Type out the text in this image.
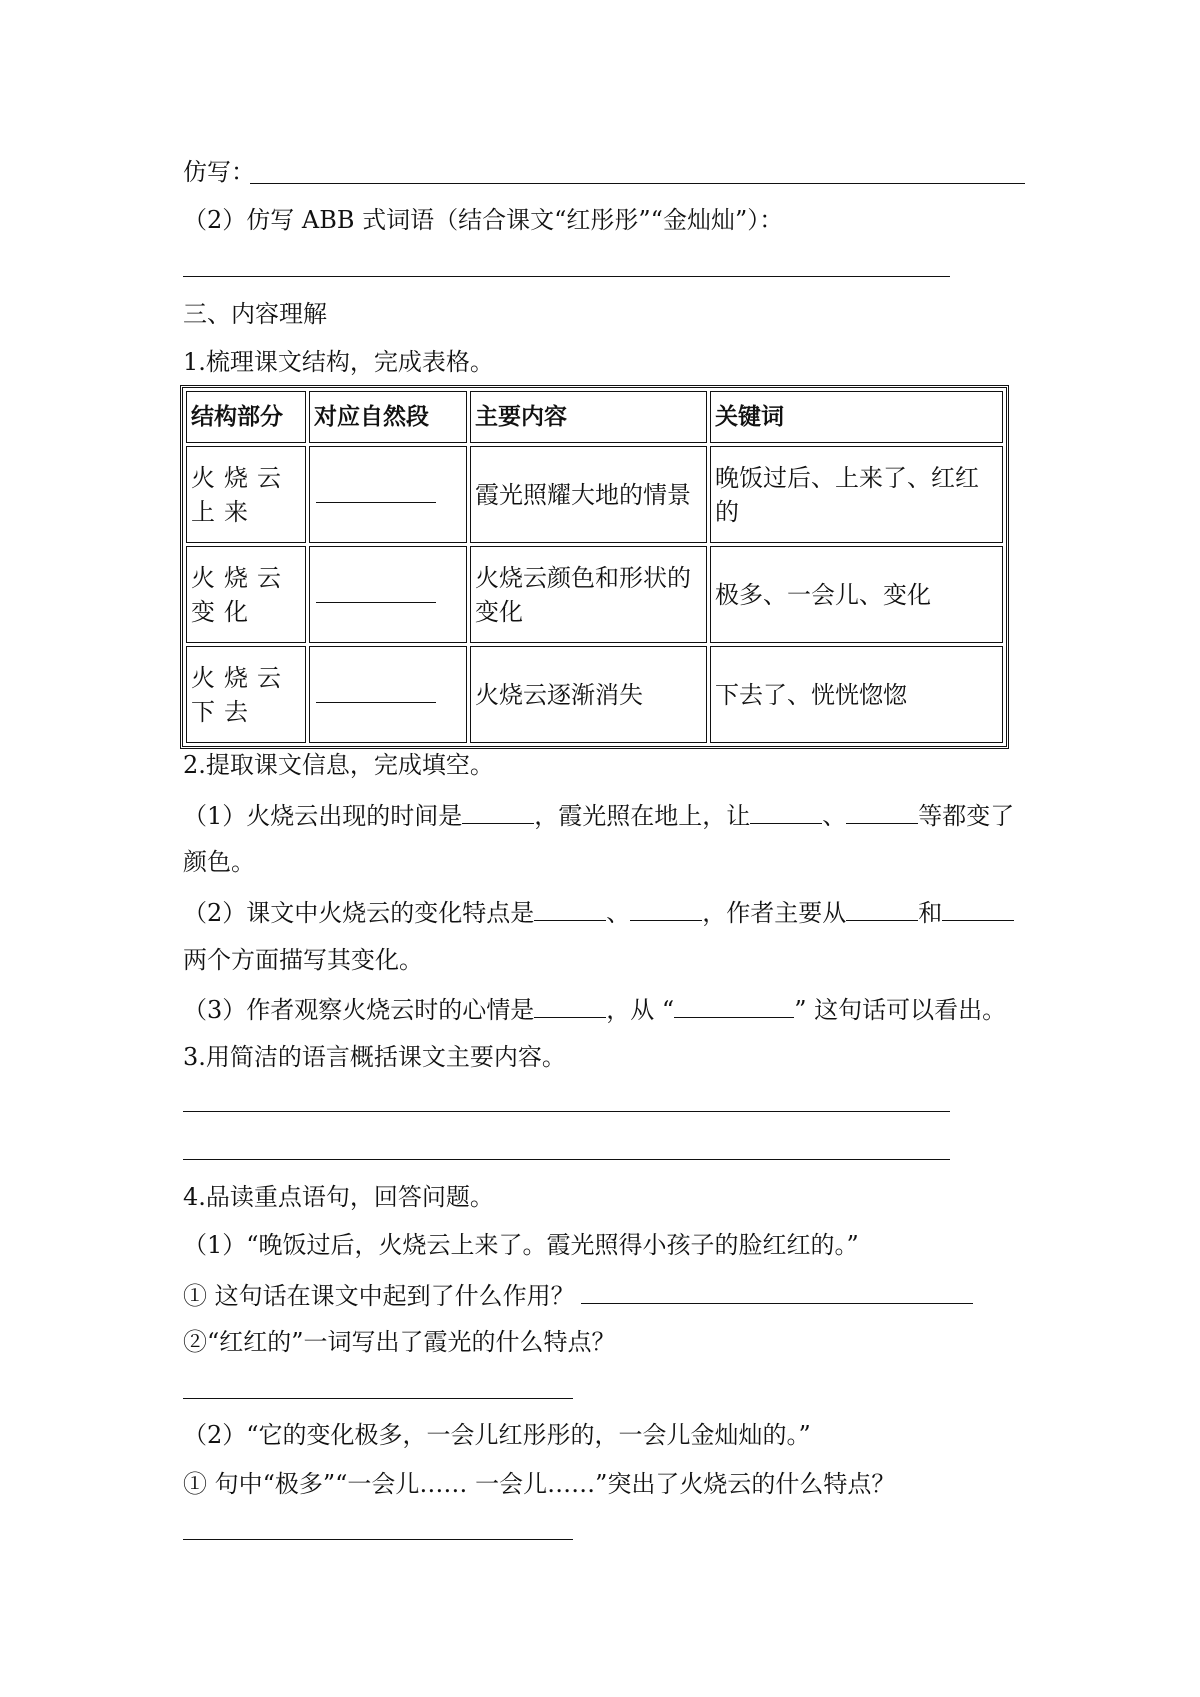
仿写：

（2）仿写 ABB 式词语（结合课文“红彤彤”“金灿灿”）：

三、内容理解

1.梳理课文结构，完成表格。

结构部分	对应自然段	主要内容	关键词
火烧云上来		霞光照耀大地的情景	晚饭过后、上来了、红红的
火烧云变化		火烧云颜色和形状的变化	极多、一会儿、变化
火烧云下去		火烧云逐渐消失	下去了、恍恍惚惚

2.提取课文信息，完成填空。

（1）火烧云出现的时间是	，霞光照在地上，让	、	等都变了

颜色。

（2）课文中火烧云的变化特点是	、	，作者主要从	和

两个方面描写其变化。

（3）作者观察火烧云时的心情是	，从 “	” 这句话可以看出。

3.用简洁的语言概括课文主要内容。

4.品读重点语句，回答问题。

（1）“晚饭过后，火烧云上来了。霞光照得小孩子的脸红红的。”

① 这句话在课文中起到了什么作用？

②“红红的”一词写出了霞光的什么特点？

（2）“它的变化极多，一会儿红彤彤的，一会儿金灿灿的。”

① 句中“极多”“一会儿…… 一会儿……”突出了火烧云的什么特点？
